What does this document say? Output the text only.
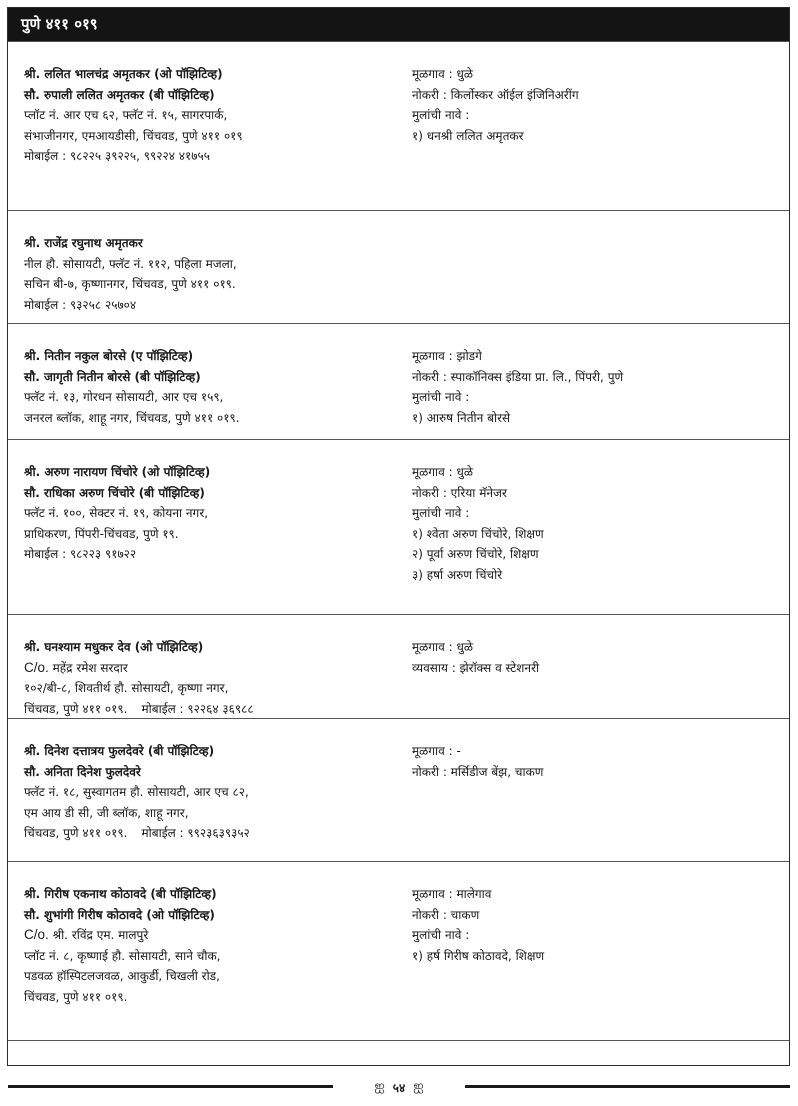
पुणे ४११ ०१९
श्री. ललित भालचंद्र अमृतकर (ओ पॉझिटिव्ह)
सौ. रुपाली ललित अमृतकर (बी पॉझिटिव्ह)
प्लॉट नं. आर एच ६२, फ्लॅट नं. १५, सागरपार्क,
संभाजीनगर, एमआयडीसी, चिंचवड, पुणे ४११ ०१९
मोबाईल : ९८२२५ ३९२२५, ९९२२४ ४१७५५
मूळगाव : धुळे
नोकरी : किर्लोस्कर ऑईल इंजिनिअरींग
मुलांची नावे :
१) धनश्री ललित अमृतकर
श्री. राजेंद्र रघुनाथ अमृतकर
नील हौ. सोसायटी, फ्लॅट नं. ११२, पहिला मजला,
सचिन बी-७, कृष्णानगर, चिंचवड, पुणे ४११ ०१९.
मोबाईल : ९३२५८ २५७०४
श्री. नितीन नकुल बोरसे (ए पॉझिटिव्ह)
सौ. जागृती नितीन बोरसे (बी पॉझिटिव्ह)
फ्लॅट नं. १३, गोरधन सोसायटी, आर एच १५९,
जनरल ब्लॉक, शाहू नगर, चिंचवड, पुणे ४११ ०१९.
मूळगाव : झोडगे
नोकरी : स्पाकॉनिक्स इंडिया प्रा. लि., पिंपरी, पुणे
मुलांची नावे :
१) आरुष नितीन बोरसे
श्री. अरुण नारायण चिंचोरे (ओ पॉझिटिव्ह)
सौ. राधिका अरुण चिंचोरे (बी पॉझिटिव्ह)
फ्लॅट नं. १००, सेक्टर नं. १९, कोयना नगर,
प्राधिकरण, पिंपरी-चिंचवड, पुणे १९.
मोबाईल : ९८२२३ ९१७२२
मूळगाव : धुळे
नोकरी : एरिया मॅनेजर
मुलांची नावे :
१) श्वेता अरुण चिंचोरे, शिक्षण
२) पूर्वा अरुण चिंचोरे, शिक्षण
३) हर्षा अरुण चिंचोरे
श्री. घनश्याम मधुकर देव (ओ पॉझिटिव्ह)
C/o. महेंद्र रमेश सरदार
१०२/बी-८, शिवतीर्थ हौ. सोसायटी, कृष्णा नगर,
चिंचवड, पुणे ४११ ०१९. मोबाईल : ९२२६४ ३६९८८
मूळगाव : धुळे
व्यवसाय : झेरॉक्स व स्टेशनरी
श्री. दिनेश दत्तात्रय फुलदेवरे (बी पॉझिटिव्ह)
सौ. अनिता दिनेश फुलदेवरे
फ्लॅट नं. १८, सुस्वागतम हौ. सोसायटी, आर एच ८२,
एम आय डी सी, जी ब्लॉक, शाहू नगर,
चिंचवड, पुणे ४११ ०१९. मोबाईल : ९९२३६३९३५२
मूळगाव : -
नोकरी : मर्सिडीज बेंझ, चाकण
श्री. गिरीष एकनाथ कोठावदे (बी पॉझिटिव्ह)
सौ. शुभांगी गिरीष कोठावदे (ओ पॉझिटिव्ह)
C/o. श्री. रविंद्र एम. मालपुरे
प्लॉट नं. ८, कृष्णाई हौ. सोसायटी, साने चौक,
पडवळ हॉस्पिटलजवळ, आकुर्डी, चिखली रोड,
चिंचवड, पुणे ४११ ०१९.
मूळगाव : मालेगाव
नोकरी : चाकण
मुलांची नावे :
१) हर्ष गिरीष कोठावदे, शिक्षण
ஐ ५४ ஐ
